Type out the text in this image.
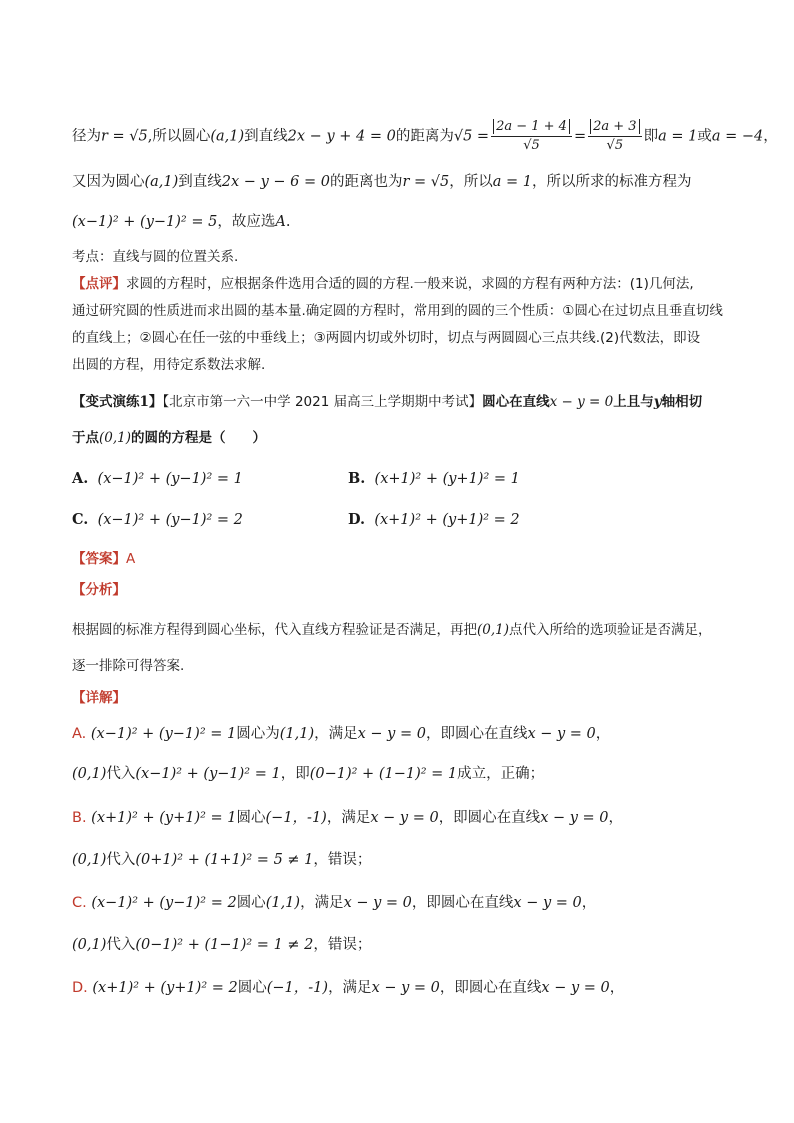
径为r = √5,所以圆心(a,1)到直线2x − y + 4 = 0的距离为$√5 = \frac{2a - 1 + 4}{√5} = \frac{2a + 3}{√5}$ 即a = 1或a = −4，
又因为圆心(a,1)到直线2x − y − 6 = 0的距离也为r = √5，所以a = 1，所以所求的标准方程为
(x−1)² + (y−1)² = 5，故应选A.
考点：直线与圆的位置关系.
【点评】求圆的方程时，应根据条件选用合适的圆的方程.一般来说，求圆的方程有两种方法：(1)几何法,
通过研究圆的性质进而求出圆的基本量.确定圆的方程时，常用到的圆的三个性质：①圆心在过切点且垂直切线
的直线上；②圆心在任一弦的中垂线上；③两圆内切或外切时，切点与两圆圆心三点共线.(2)代数法，即设
出圆的方程，用待定系数法求解.
【变式演练1】【北京市第一六一中学 2021 届高三上学期期中考试】圆心在直线x − y = 0上且与y轴相切
于点(0,1)的圆的方程是（　　）
A. (x−1)² + (y−1)² = 1	B. (x+1)² + (y+1)² = 1
C. (x−1)² + (y−1)² = 2	D. (x+1)² + (y+1)² = 2
【答案】A
【分析】
根据圆的标准方程得到圆心坐标，代入直线方程验证是否满足，再把(0,1)点代入所给的选项验证是否满足，
逐一排除可得答案.
【详解】
A. (x−1)² + (y−1)² = 1圆心为(1,1)，满足x − y = 0，即圆心在直线x − y = 0，
(0,1)代入(x−1)² + (y−1)² = 1，即(0−1)² + (1−1)² = 1成立，正确；
B. (x+1)² + (y+1)² = 1圆心(−1，-1)，满足x − y = 0，即圆心在直线x − y = 0，
(0,1)代入(0+1)² + (1+1)² = 5 ≠ 1，错误；
C. (x−1)² + (y−1)² = 2圆心(1,1)，满足x − y = 0，即圆心在直线x − y = 0，
(0,1)代入(0−1)² + (1−1)² = 1 ≠ 2，错误；
D. (x+1)² + (y+1)² = 2圆心(−1，-1)，满足x − y = 0，即圆心在直线x − y = 0，
